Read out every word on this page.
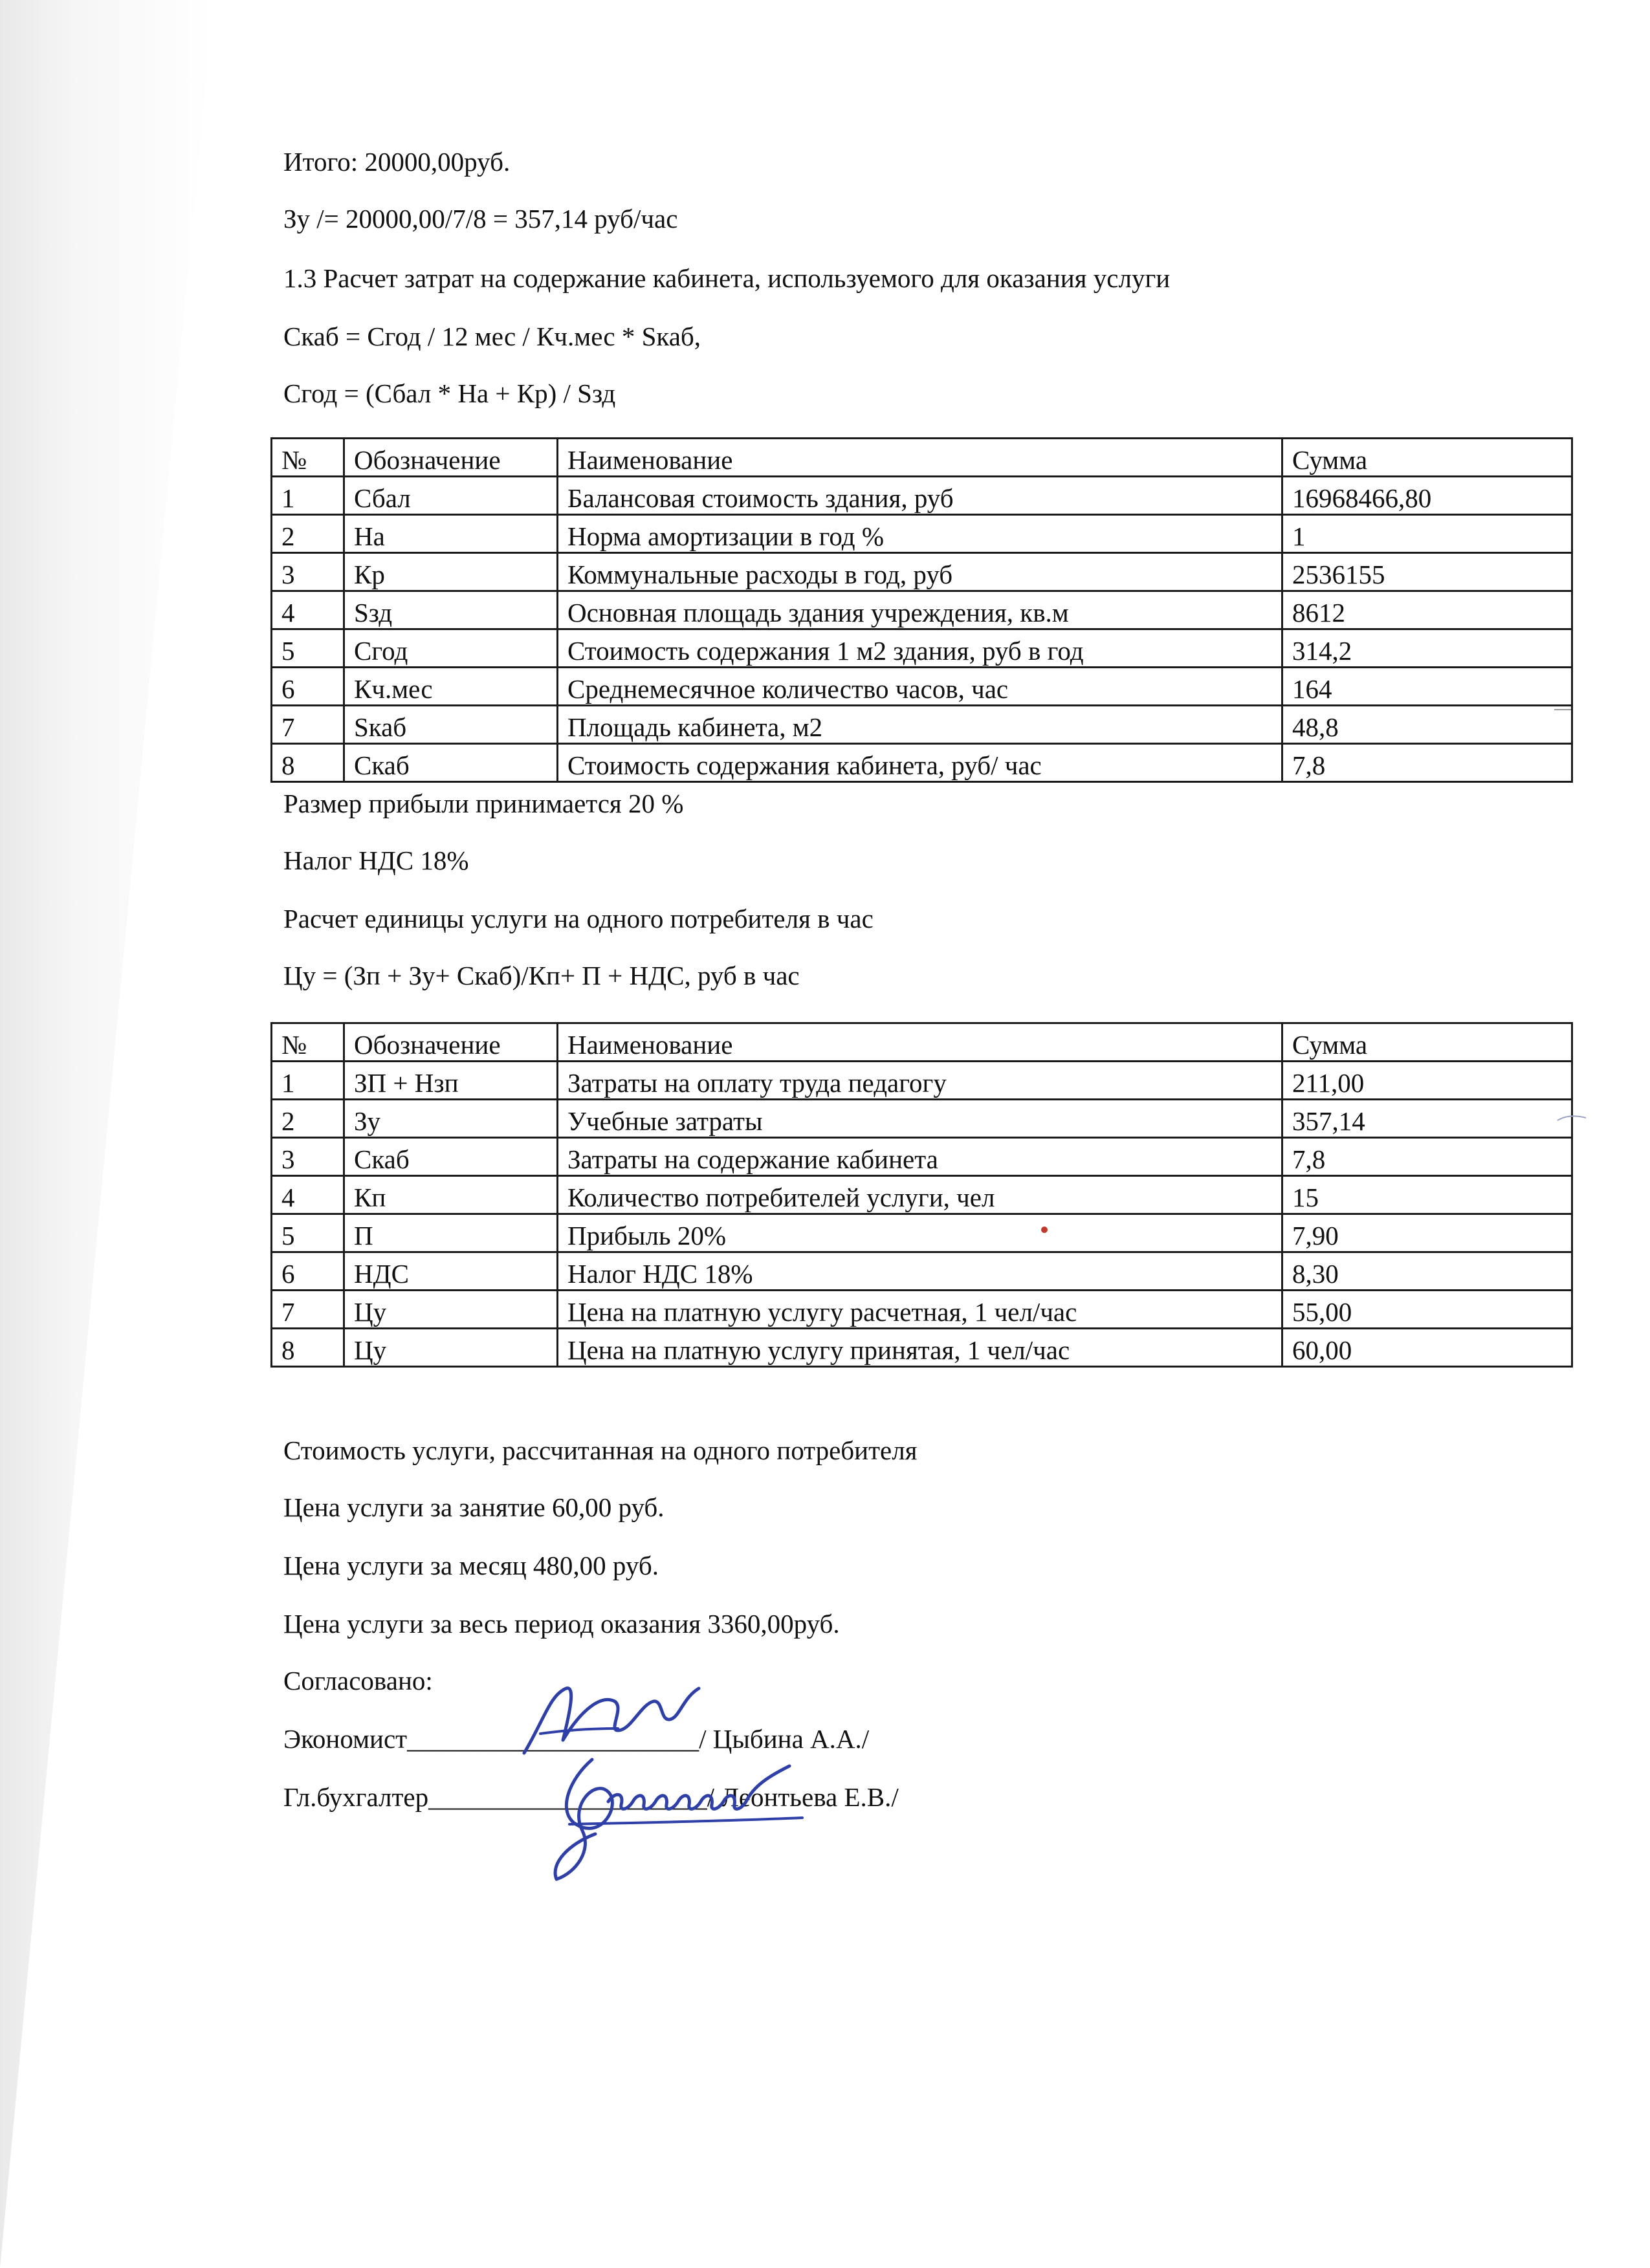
Итого: 20000,00руб.
Зу /= 20000,00/7/8 = 357,14 руб/час
1.3 Расчет затрат на содержание кабинета, используемого для оказания услуги
Скаб = Сгод / 12 мес / Кч.мес * Sкаб,
Сгод = (Сбал * На + Кр) / Sзд
№	Обозначение	Наименование	Сумма
1	Сбал	Балансовая стоимость здания, руб	16968466,80
2	На	Норма амортизации в год %	1
3	Кр	Коммунальные расходы в год, руб	2536155
4	Sзд	Основная площадь здания учреждения, кв.м	8612
5	Сгод	Стоимость содержания 1 м2 здания, руб в год	314,2
6	Кч.мес	Среднемесячное количество часов, час	164
7	Sкаб	Площадь кабинета, м2	48,8
8	Скаб	Стоимость содержания кабинета, руб/ час	7,8
Размер прибыли принимается 20 %
Налог НДС 18%
Расчет единицы услуги на одного потребителя в час
Цу = (Зп + Зу+ Скаб)/Кп+ П + НДС, руб в час
№	Обозначение	Наименование	Сумма
1	ЗП + Нзп	Затраты на оплату труда педагогу	211,00
2	Зу	Учебные затраты	357,14
3	Скаб	Затраты на содержание кабинета	7,8
4	Кп	Количество потребителей услуги, чел	15
5	П	Прибыль 20%	7,90
6	НДС	Налог НДС 18%	8,30
7	Цу	Цена на платную услугу расчетная, 1 чел/час	55,00
8	Цу	Цена на платную услугу принятая, 1 чел/час	60,00
Стоимость услуги, рассчитанная на одного потребителя
Цена услуги за занятие 60,00 руб.
Цена услуги за месяц 480,00 руб.
Цена услуги за весь период оказания 3360,00руб.
Согласовано:
Экономист______________________/ Цыбина А.А./
Гл.бухгалтер_____________________/ Леонтьева Е.В./
